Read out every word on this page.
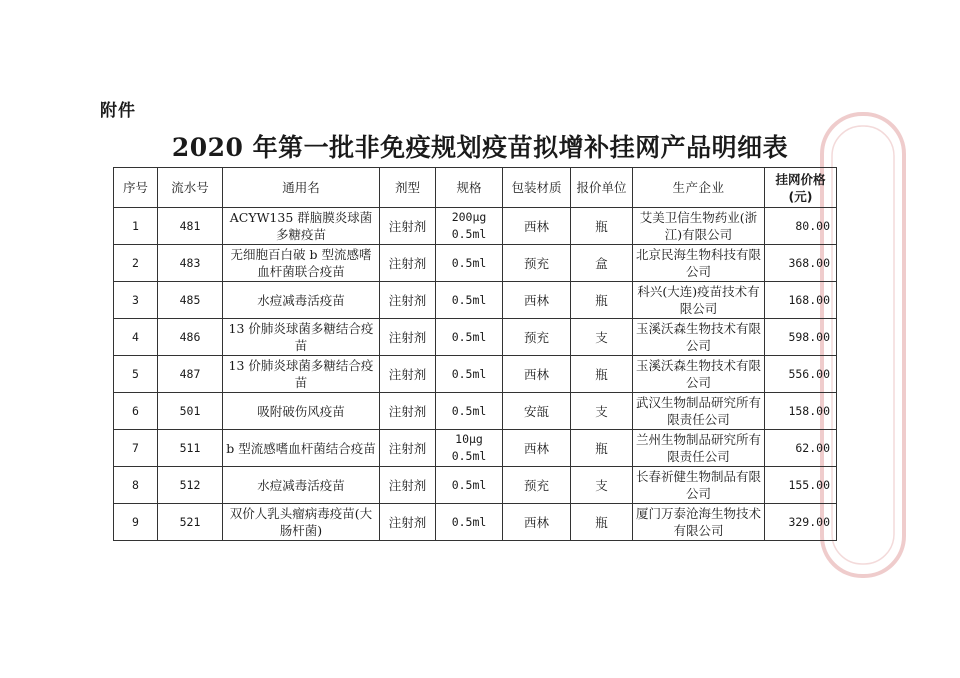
附件
2020 年第一批非免疫规划疫苗拟增补挂网产品明细表
序号	流水号	通用名	剂型	规格	包装材质	报价单位	生产企业	挂网价格
(元)
1	481	ACYW135 群脑膜炎球菌多糖疫苗	注射剂	200μg
0.5ml	西林	瓶	艾美卫信生物药业(浙江)有限公司	80.00
2	483	无细胞百白破 b 型流感嗜血杆菌联合疫苗	注射剂	0.5ml	预充	盒	北京民海生物科技有限公司	368.00
3	485	水痘减毒活疫苗	注射剂	0.5ml	西林	瓶	科兴(大连)疫苗技术有限公司	168.00
4	486	13 价肺炎球菌多糖结合疫苗	注射剂	0.5ml	预充	支	玉溪沃森生物技术有限公司	598.00
5	487	13 价肺炎球菌多糖结合疫苗	注射剂	0.5ml	西林	瓶	玉溪沃森生物技术有限公司	556.00
6	501	吸附破伤风疫苗	注射剂	0.5ml	安瓿	支	武汉生物制品研究所有限责任公司	158.00
7	511	b 型流感嗜血杆菌结合疫苗	注射剂	10μg
0.5ml	西林	瓶	兰州生物制品研究所有限责任公司	62.00
8	512	水痘减毒活疫苗	注射剂	0.5ml	预充	支	长春祈健生物制品有限公司	155.00
9	521	双价人乳头瘤病毒疫苗(大肠杆菌)	注射剂	0.5ml	西林	瓶	厦门万泰沧海生物技术有限公司	329.00
